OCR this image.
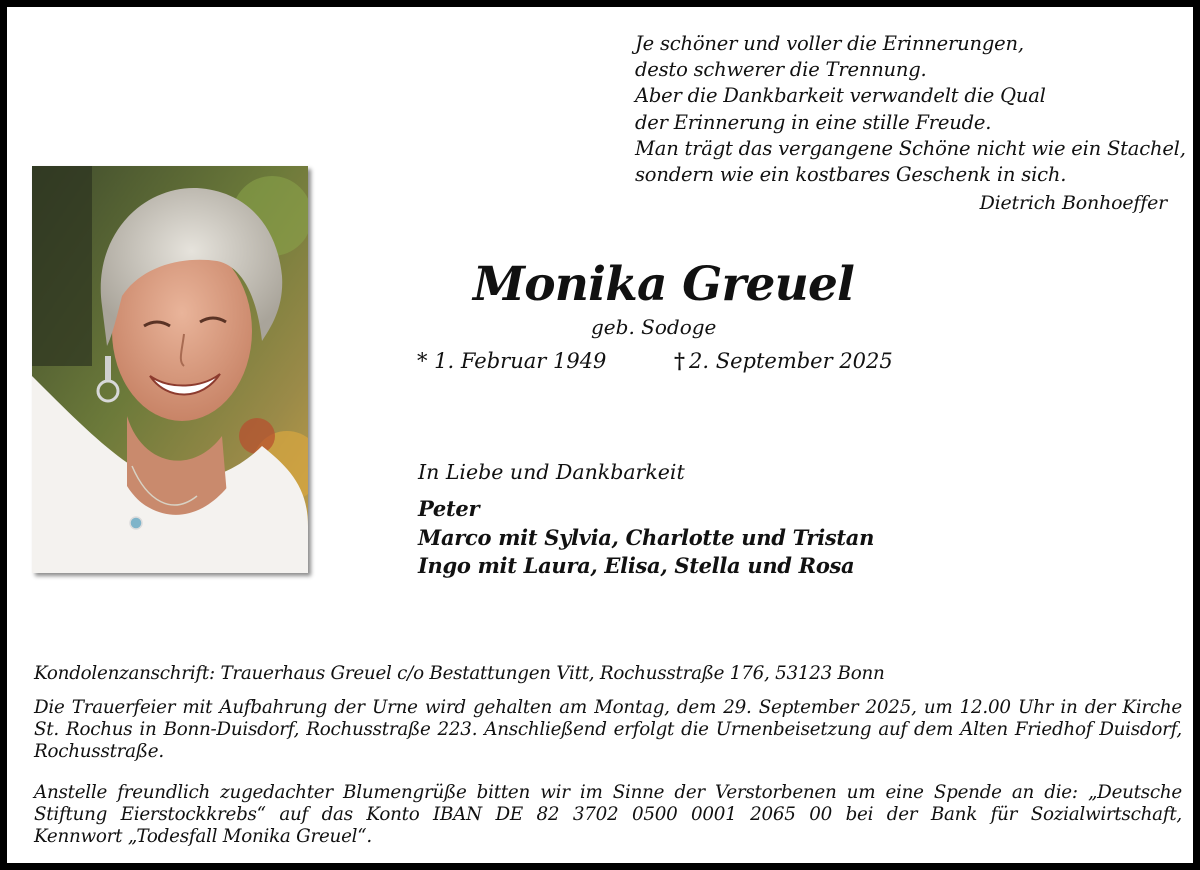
Je schöner und voller die Erinnerungen,
desto schwerer die Trennung.
Aber die Dankbarkeit verwandelt die Qual
der Erinnerung in eine stille Freude.
Man trägt das vergangene Schöne nicht wie ein Stachel,
sondern wie ein kostbares Geschenk in sich.
Dietrich Bonhoeffer
Monika Greuel
geb. Sodoge
* 1. Februar 1949	† 2. September 2025
In Liebe und Dankbarkeit
Peter
Marco mit Sylvia, Charlotte und Tristan
Ingo mit Laura, Elisa, Stella und Rosa
Kondolenzanschrift: Trauerhaus Greuel c/o Bestattungen Vitt, Rochusstraße 176, 53123 Bonn
Die Trauerfeier mit Aufbahrung der Urne wird gehalten am Montag, dem 29. September 2025, um 12.00 Uhr in der Kirche
St. Rochus in Bonn-Duisdorf, Rochusstraße 223. Anschließend erfolgt die Urnenbeisetzung auf dem Alten Friedhof Duisdorf,
Rochusstraße.
Anstelle freundlich zugedachter Blumengrüße bitten wir im Sinne der Verstorbenen um eine Spende an die: „Deutsche
Stiftung Eierstockkrebs“ auf das Konto IBAN DE 82 3702 0500 0001 2065 00 bei der Bank für Sozialwirtschaft,
Kennwort „Todesfall Monika Greuel“.
